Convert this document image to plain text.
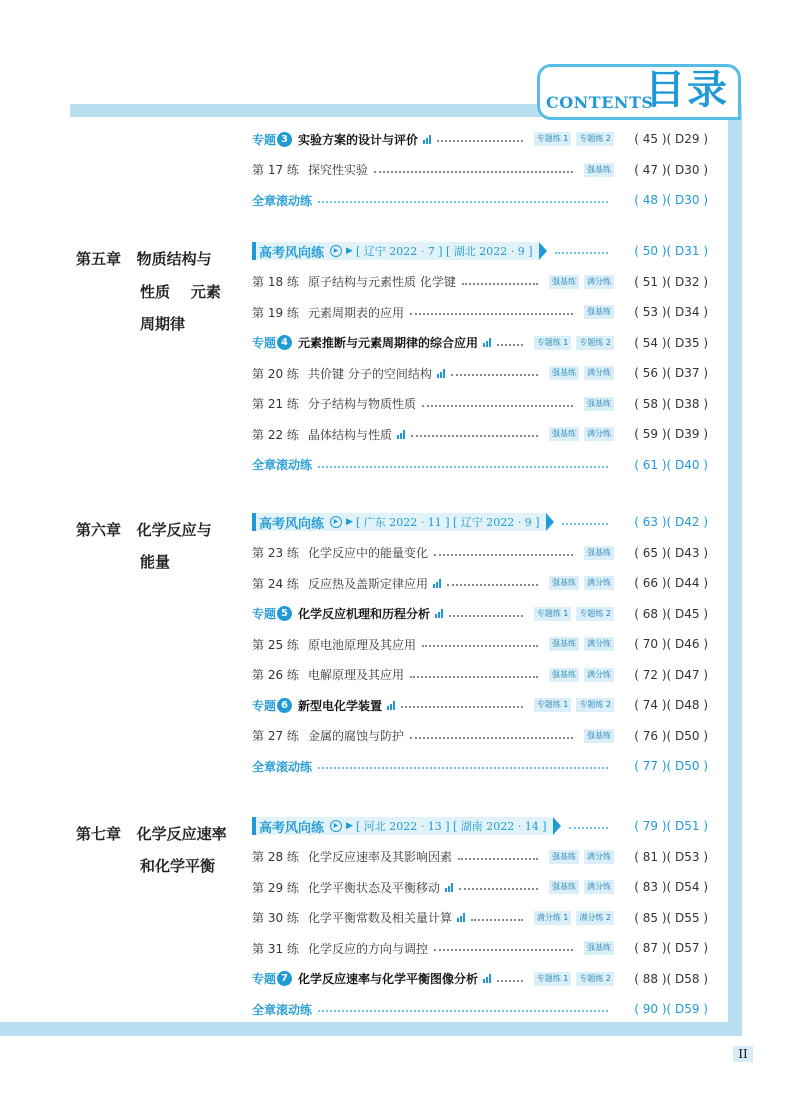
CONTENTS
目录
II
专题 3 实验方案的设计与评价	专题练 1	专题练 2	( 45 )( D29 )
第 17 练 探究性实验	强基练	( 47 )( D30 )
全章滚动练	( 48 )( D30 )
第五章   物质结构与
性质    元素
周期律
高考风向练	▶ ▶ [ 辽宁 2022 · 7 ] [ 湖北 2022 · 9 ]	( 50 )( D31 )
第 18 练 原子结构与元素性质 化学键	强基练	满分练	( 51 )( D32 )
第 19 练 元素周期表的应用	强基练	( 53 )( D34 )
专题 4 元素推断与元素周期律的综合应用	专题练 1	专题练 2	( 54 )( D35 )
第 20 练 共价键 分子的空间结构	强基练	满分练	( 56 )( D37 )
第 21 练 分子结构与物质性质	强基练	( 58 )( D38 )
第 22 练 晶体结构与性质	强基练	满分练	( 59 )( D39 )
全章滚动练	( 61 )( D40 )
第六章   化学反应与
能量
高考风向练	▶ ▶ [ 广东 2022 · 11 ] [ 辽宁 2022 · 9 ]	( 63 )( D42 )
第 23 练 化学反应中的能量变化	强基练	( 65 )( D43 )
第 24 练 反应热及盖斯定律应用	强基练	满分练	( 66 )( D44 )
专题 5 化学反应机理和历程分析	专题练 1	专题练 2	( 68 )( D45 )
第 25 练 原电池原理及其应用	强基练	满分练	( 70 )( D46 )
第 26 练 电解原理及其应用	强基练	满分练	( 72 )( D47 )
专题 6 新型电化学装置	专题练 1	专题练 2	( 74 )( D48 )
第 27 练 金属的腐蚀与防护	强基练	( 76 )( D50 )
全章滚动练	( 77 )( D50 )
第七章   化学反应速率
和化学平衡
高考风向练	▶ ▶ [ 河北 2022 · 13 ] [ 湖南 2022 · 14 ]	( 79 )( D51 )
第 28 练 化学反应速率及其影响因素	强基练	满分练	( 81 )( D53 )
第 29 练 化学平衡状态及平衡移动	强基练	满分练	( 83 )( D54 )
第 30 练 化学平衡常数及相关量计算	满分练 1	满分练 2	( 85 )( D55 )
第 31 练 化学反应的方向与调控	强基练	( 87 )( D57 )
专题 7 化学反应速率与化学平衡图像分析	专题练 1	专题练 2	( 88 )( D58 )
全章滚动练	( 90 )( D59 )
